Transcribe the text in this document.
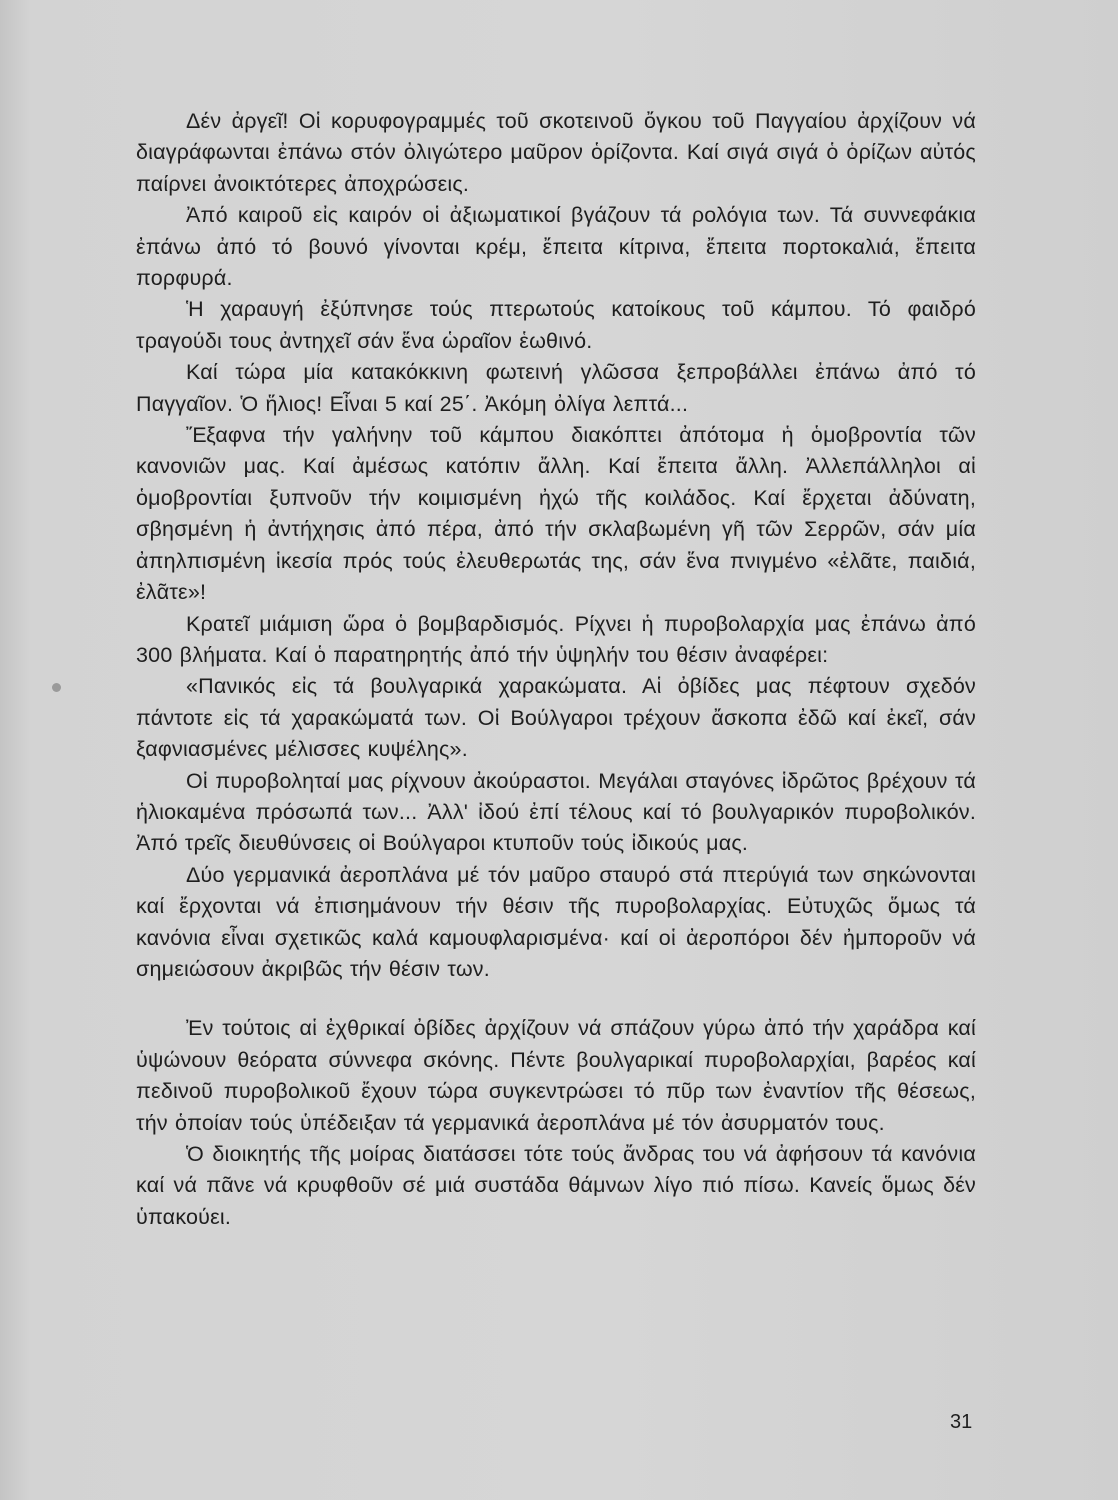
Δέν ἀργεῖ! Οἱ κορυφογραμμές τοῦ σκοτεινοῦ ὄγκου τοῦ Παγγαίου ἀρχίζουν νά διαγράφωνται ἐπάνω στόν ὀλιγώτερο μαῦρον ὁρίζοντα. Καί σιγά σιγά ὁ ὁρίζων αὐτός παίρνει ἀνοικτότερες ἀποχρώσεις.

Ἀπό καιροῦ εἰς καιρόν οἱ ἀξιωματικοί βγάζουν τά ρολόγια των. Τά συννεφάκια ἐπάνω ἀπό τό βουνό γίνονται κρέμ, ἔπειτα κίτρινα, ἔπειτα πορτοκαλιά, ἔπειτα πορφυρά.

Ἡ χαραυγή ἐξύπνησε τούς πτερωτούς κατοίκους τοῦ κάμπου. Τό φαιδρό τραγούδι τους ἀντηχεῖ σάν ἕνα ὡραῖον ἑωθινό.

Καί τώρα μία κατακόκκινη φωτεινή γλῶσσα ξεπροβάλλει ἐπάνω ἀπό τό Παγγαῖον. Ὁ ἥλιος! Εἶναι 5 καί 25΄. Ἀκόμη ὀλίγα λεπτά...

Ἔξαφνα τήν γαλήνην τοῦ κάμπου διακόπτει ἀπότομα ἡ ὁμοβροντία τῶν κανονιῶν μας. Καί ἀμέσως κατόπιν ἄλλη. Καί ἔπειτα ἄλλη. Ἀλλεπάλληλοι αἱ ὁμοβροντίαι ξυπνοῦν τήν κοιμισμένη ἠχώ τῆς κοιλάδος. Καί ἔρχεται ἀδύνατη, σβησμένη ἡ ἀντήχησις ἀπό πέρα, ἀπό τήν σκλαβωμένη γῆ τῶν Σερρῶν, σάν μία ἀπηλπισμένη ἱκεσία πρός τούς ἐλευθερωτάς της, σάν ἕνα πνιγμένο «ἐλᾶτε, παιδιά, ἐλᾶτε»!

Κρατεῖ μιάμιση ὥρα ὁ βομβαρδισμός. Ρίχνει ἡ πυροβολαρχία μας ἐπάνω ἀπό 300 βλήματα. Καί ὁ παρατηρητής ἀπό τήν ὑψηλήν του θέσιν ἀναφέρει:

«Πανικός εἰς τά βουλγαρικά χαρακώματα. Αἱ ὀβίδες μας πέφτουν σχεδόν πάντοτε εἰς τά χαρακώματά των. Οἱ Βούλγαροι τρέχουν ἄσκοπα ἐδῶ καί ἐκεῖ, σάν ξαφνιασμένες μέλισσες κυψέλης».

Οἱ πυροβοληταί μας ρίχνουν ἀκούραστοι. Μεγάλαι σταγόνες ἱδρῶτος βρέχουν τά ἡλιοκαμένα πρόσωπά των... Ἀλλ' ἰδού ἐπί τέλους καί τό βουλγαρικόν πυροβολικόν. Ἀπό τρεῖς διευθύνσεις οἱ Βούλγαροι κτυποῦν τούς ἰδικούς μας.

Δύο γερμανικά ἀεροπλάνα μέ τόν μαῦρο σταυρό στά πτερύγιά των σηκώνονται καί ἔρχονται νά ἐπισημάνουν τήν θέσιν τῆς πυροβολαρχίας. Εὐτυχῶς ὅμως τά κανόνια εἶναι σχετικῶς καλά καμουφλαρισμένα· καί οἱ ἀεροπόροι δέν ἠμποροῦν νά σημειώσουν ἀκριβῶς τήν θέσιν των.

Ἐν τούτοις αἱ ἐχθρικαί ὀβίδες ἀρχίζουν νά σπάζουν γύρω ἀπό τήν χαράδρα καί ὑψώνουν θεόρατα σύννεφα σκόνης. Πέντε βουλγαρικαί πυροβολαρχίαι, βαρέος καί πεδινοῦ πυροβολικοῦ ἔχουν τώρα συγκεντρώσει τό πῦρ των ἐναντίον τῆς θέσεως, τήν ὁποίαν τούς ὑπέδειξαν τά γερμανικά ἀεροπλάνα μέ τόν ἀσυρματόν τους.

Ὁ διοικητής τῆς μοίρας διατάσσει τότε τούς ἄνδρας του νά ἀφήσουν τά κανόνια καί νά πᾶνε νά κρυφθοῦν σέ μιά συστάδα θάμνων λίγο πιό πίσω. Κανείς ὅμως δέν ὑπακούει.

31
